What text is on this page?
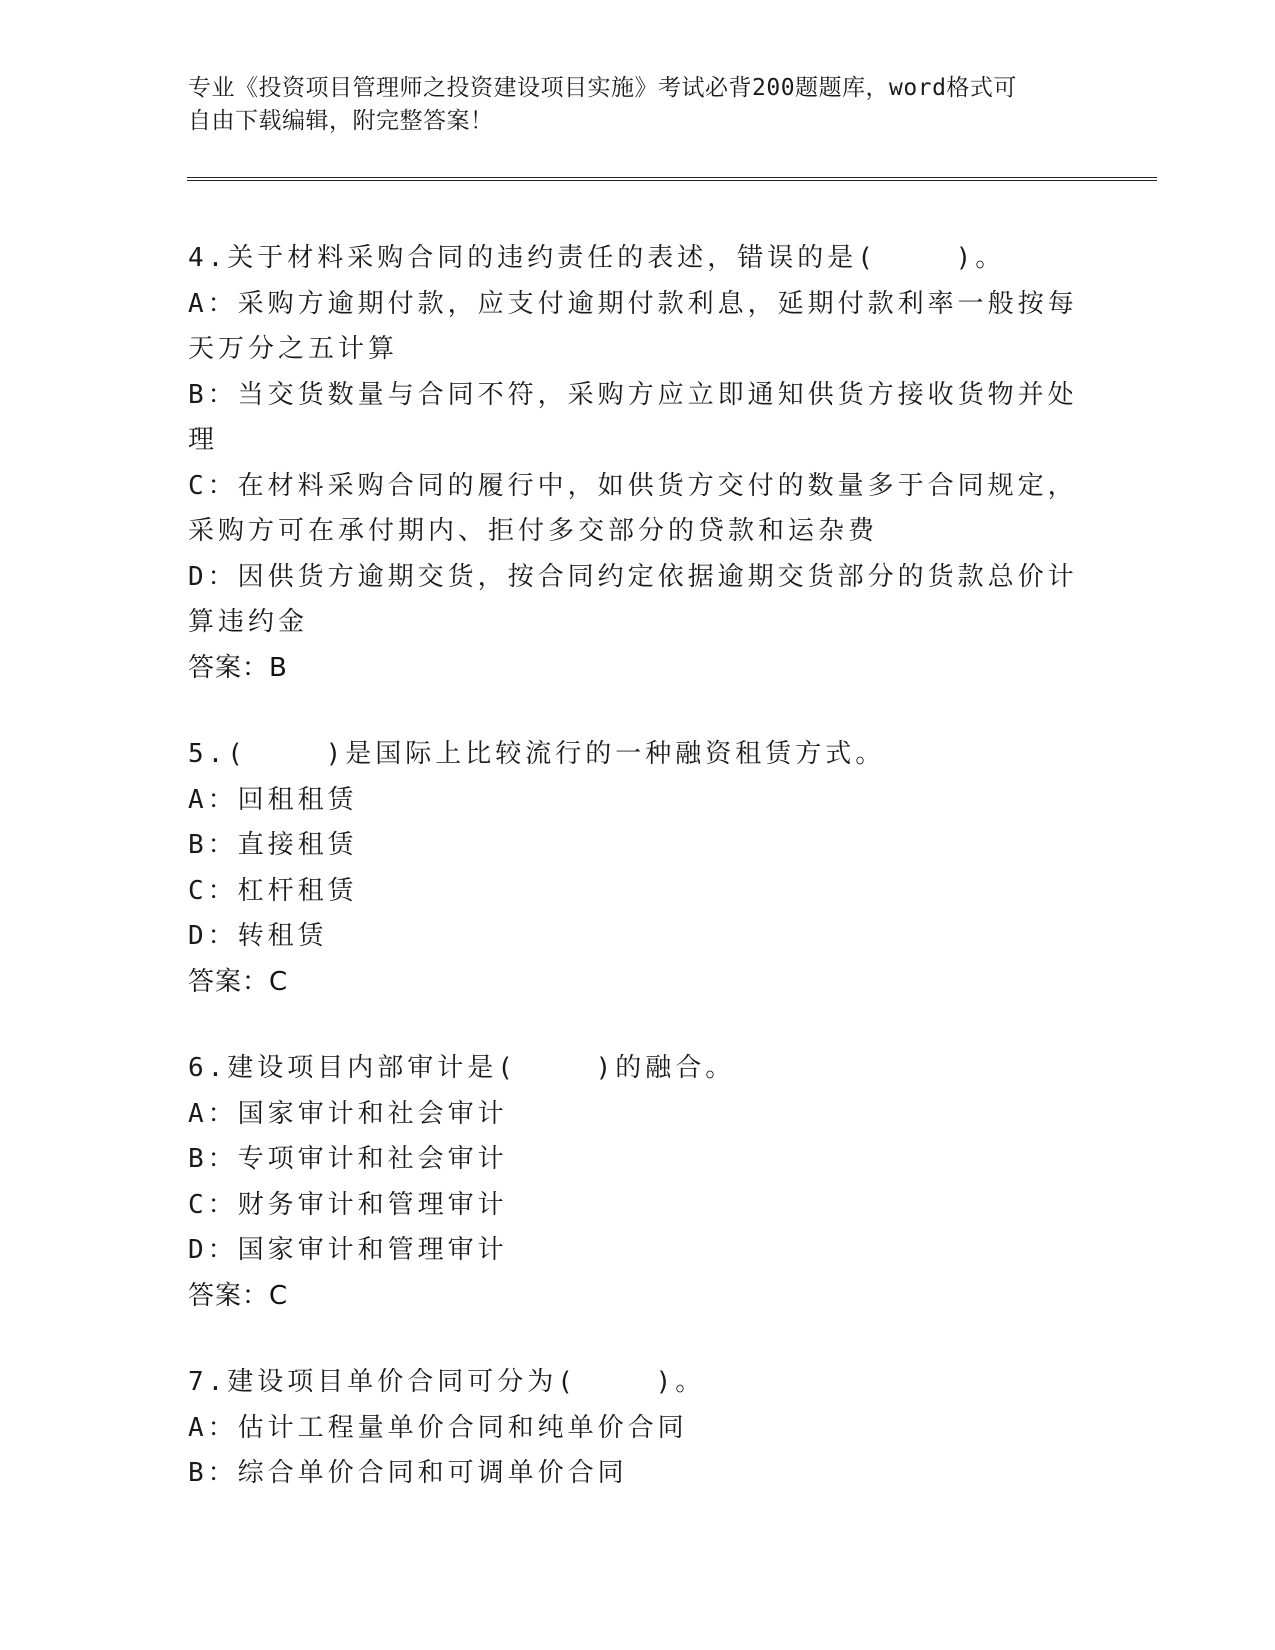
专业《投资项目管理师之投资建设项目实施》考试必背200题题库，word格式可
自由下载编辑，附完整答案！
4.关于材料采购合同的违约责任的表述，错误的是(    )。
A：采购方逾期付款，应支付逾期付款利息，延期付款利率一般按每天万分之五计算
B：当交货数量与合同不符，采购方应立即通知供货方接收货物并处理
C：在材料采购合同的履行中，如供货方交付的数量多于合同规定，采购方可在承付期内、拒付多交部分的贷款和运杂费
D：因供货方逾期交货，按合同约定依据逾期交货部分的货款总价计算违约金
答案：B
5.(    )是国际上比较流行的一种融资租赁方式。
A：回租租赁
B：直接租赁
C：杠杆租赁
D：转租赁
答案：C
6.建设项目内部审计是(    )的融合。
A：国家审计和社会审计
B：专项审计和社会审计
C：财务审计和管理审计
D：国家审计和管理审计
答案：C
7.建设项目单价合同可分为(    )。
A：估计工程量单价合同和纯单价合同
B：综合单价合同和可调单价合同
